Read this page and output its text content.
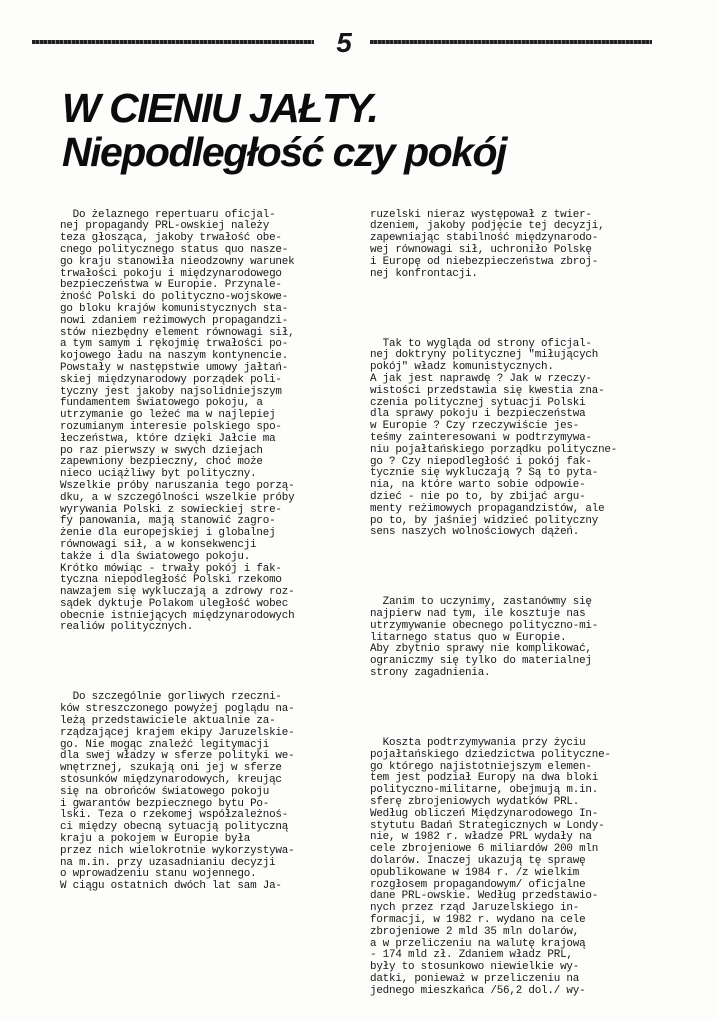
5
W CIENIU JAŁTY.
Niepodległość czy pokój

Do żelaznego repertuaru oficjal-
nej propagandy PRL-owskiej należy
teza głosząca, jakoby trwałość obe-
cnego politycznego status quo nasze-
go kraju stanowiła nieodzowny warunek
trwałości pokoju i międzynarodowego
bezpieczeństwa w Europie. Przynale-
żność Polski do polityczno-wojskowe-
go bloku krajów komunistycznych sta-
nowi zdaniem reżimowych propagandzi-
stów niezbędny element równowagi sił,
a tym samym i rękojmię trwałości po-
kojowego ładu na naszym kontynencie.
Powstały w następstwie umowy jałtań-
skiej międzynarodowy porządek poli-
tyczny jest jakoby najsolidniejszym
fundamentem światowego pokoju, a
utrzymanie go leżeć ma w najlepiej
rozumianym interesie polskiego spo-
łeczeństwa, które dzięki Jałcie ma
po raz pierwszy w swych dziejach
zapewniony bezpieczny, choć może
nieco uciążliwy byt polityczny.
Wszelkie próby naruszania tego porzą-
dku, a w szczególności wszelkie próby
wyrywania Polski z sowieckiej stre-
fy panowania, mają stanowić zagro-
żenie dla europejskiej i globalnej
równowagi sił, a w konsekwencji
także i dla światowego pokoju.
Krótko mówiąc - trwały pokój i fak-
tyczna niepodległość Polski rzekomo
nawzajem się wykluczają a zdrowy roz-
sądek dyktuje Polakom uległość wobec
obecnie istniejących międzynarodowych
realiów politycznych.

Do szczególnie gorliwych rzeczni-
ków streszczonego powyżej poglądu na-
leżą przedstawiciele aktualnie za-
rządzającej krajem ekipy Jaruzelskie-
go. Nie mogąc znaleźć legitymacji
dla swej władzy w sferze polityki we-
wnętrznej, szukają oni jej w sferze
stosunków międzynarodowych, kreując
się na obrońców światowego pokoju
i gwarantów bezpiecznego bytu Po-
lski. Teza o rzekomej współzależnoś-
ci między obecną sytuacją polityczną
kraju a pokojem w Europie była
przez nich wielokrotnie wykorzystywa-
na m.in. przy uzasadnianiu decyzji
o wprowadzeniu stanu wojennego.
W ciągu ostatnich dwóch lat sam Ja-

ruzelski nieraz występował z twier-
dzeniem, jakoby podjęcie tej decyzji,
zapewniając stabilność międzynarodo-
wej równowagi sił, uchroniło Polskę
i Europę od niebezpieczeństwa zbroj-
nej konfrontacji.

Tak to wygląda od strony oficjal-
nej doktryny politycznej "miłujących
pokój" władz komunistycznych.
A jak jest naprawdę ? Jak w rzeczy-
wistości przedstawia się kwestia zna-
czenia politycznej sytuacji Polski
dla sprawy pokoju i bezpieczeństwa
w Europie ? Czy rzeczywiście jes-
teśmy zainteresowani w podtrzymywa-
niu pojałtańskiego porządku polityczne-
go ? Czy niepodległość i pokój fak-
tycznie się wykluczają ? Są to pyta-
nia, na które warto sobie odpowie-
dzieć - nie po to, by zbijać argu-
menty reżimowych propagandzistów, ale
po to, by jaśniej widzieć polityczny
sens naszych wolnościowych dążeń.

Zanim to uczynimy, zastanówmy się
najpierw nad tym, ile kosztuje nas
utrzymywanie obecnego polityczno-mi-
litarnego status quo w Europie.
Aby zbytnio sprawy nie komplikować,
ograniczmy się tylko do materialnej
strony zagadnienia.

Koszta podtrzymywania przy życiu
pojałtańskiego dziedzictwa polityczne-
go którego najistotniejszym elemen-
tem jest podział Europy na dwa bloki
polityczno-militarne, obejmują m.in.
sferę zbrojeniowych wydatków PRL.
Według obliczeń Międzynarodowego In-
stytutu Badań Strategicznych w Londy-
nie, w 1982 r. władze PRL wydały na
cele zbrojeniowe 6 miliardów 200 mln
dolarów. Inaczej ukazują tę sprawę
opublikowane w 1984 r. /z wielkim
rozgłosem propagandowym/ oficjalne
dane PRL-owskie. Według przedstawio-
nych przez rząd Jaruzelskiego in-
formacji, w 1982 r. wydano na cele
zbrojeniowe 2 mld 35 mln dolarów,
a w przeliczeniu na walutę krajową
- 174 mld zł. Zdaniem władz PRL,
były to stosunkowo niewielkie wy-
datki, ponieważ w przeliczeniu na
jednego mieszkańca /56,2 dol./ wy-
